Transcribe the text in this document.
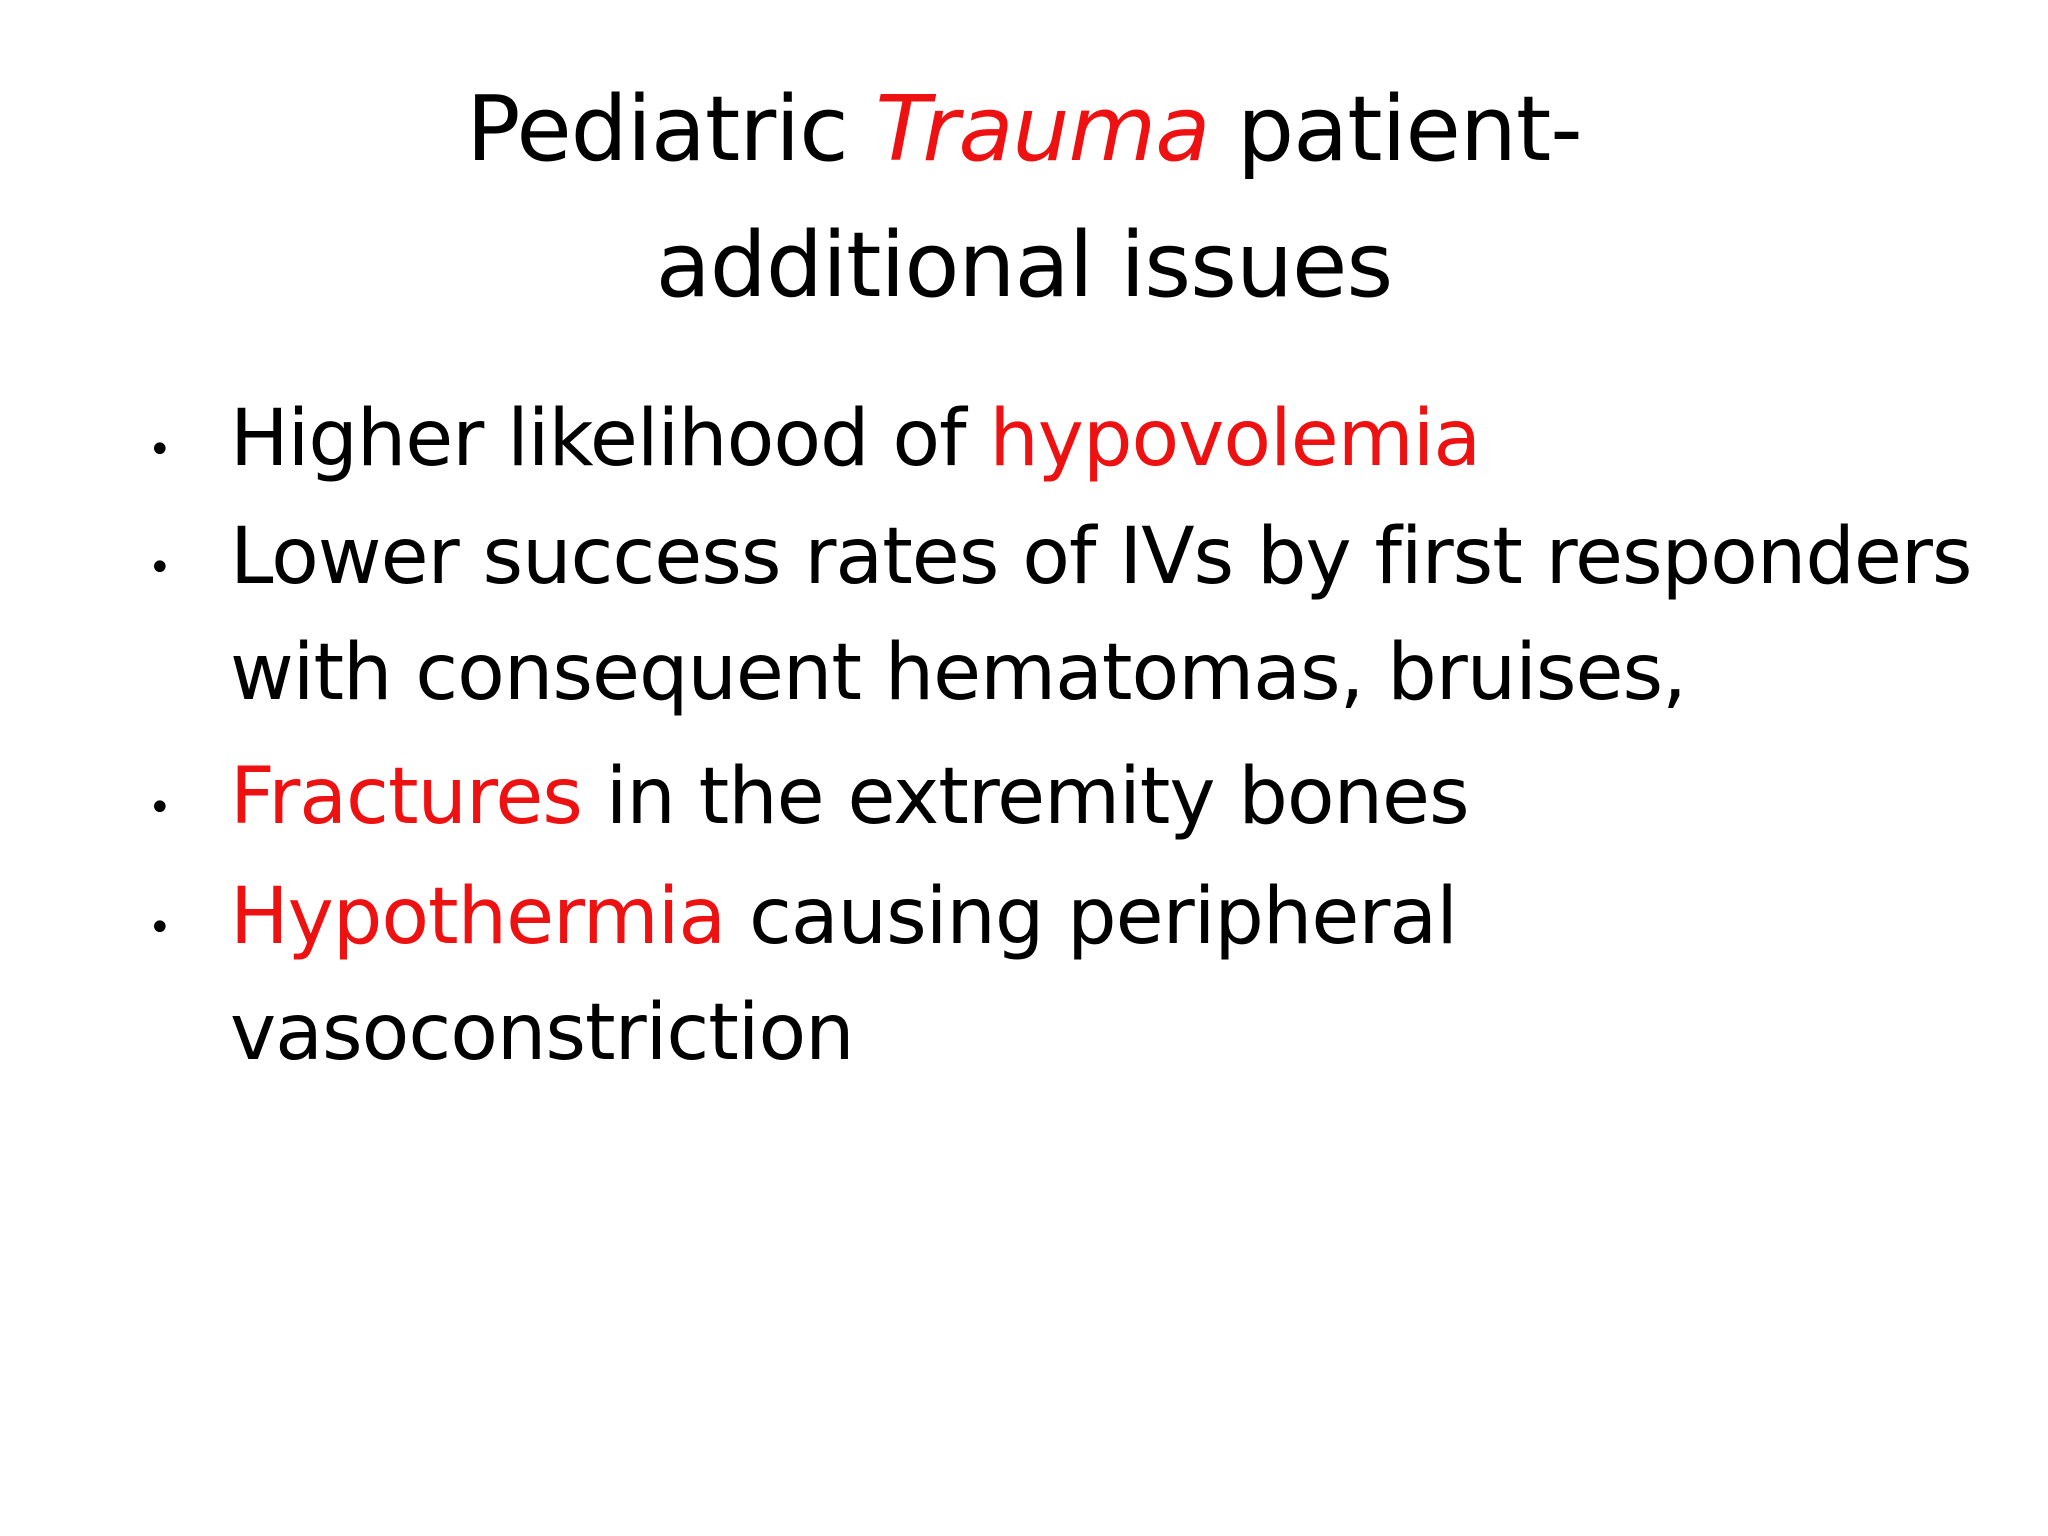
Pediatric Trauma patient-
additional issues
• Higher likelihood of hypovolemia
• Lower success rates of IVs by first responders
with consequent hematomas, bruises,
• Fractures in the extremity bones
• Hypothermia causing peripheral
vasoconstriction
